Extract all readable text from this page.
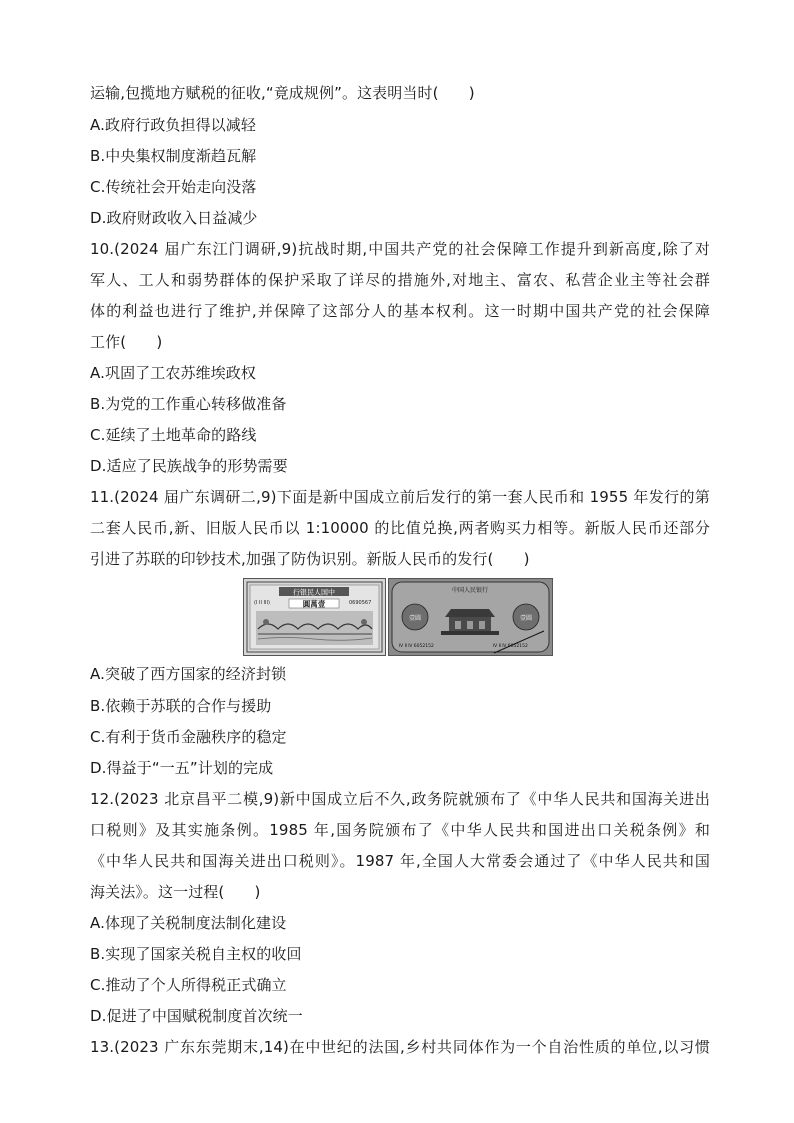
运输,包揽地方赋税的征收,“竟成规例”。这表明当时(　　)
A.政府行政负担得以减轻
B.中央集权制度渐趋瓦解
C.传统社会开始走向没落
D.政府财政收入日益减少
10.(2024 届广东江门调研,9)抗战时期,中国共产党的社会保障工作提升到新高度,除了对
军人、工人和弱势群体的保护采取了详尽的措施外,对地主、富农、私营企业主等社会群
体的利益也进行了维护,并保障了这部分人的基本权利。这一时期中国共产党的社会保障
工作(　　)
A.巩固了工农苏维埃政权
B.为党的工作重心转移做准备
C.延续了土地革命的路线
D.适应了民族战争的形势需要
11.(2024 届广东调研二,9)下面是新中国成立前后发行的第一套人民币和 1955 年发行的第
二套人民币,新、旧版人民币以 1:10000 的比值兑换,两者购买力相等。新版人民币还部分
引进了苏联的印钞技术,加强了防伪识别。新版人民币的发行(　　)
行银民人国中
(I II III)	0690567
圓萬壹
中国人民银行
壹圆	壹圆
Ⅳ Ⅱ Ⅳ 6052152	Ⅳ Ⅱ Ⅳ 6052152
A.突破了西方国家的经济封锁
B.依赖于苏联的合作与援助
C.有利于货币金融秩序的稳定
D.得益于“一五”计划的完成
12.(2023 北京昌平二模,9)新中国成立后不久,政务院就颁布了《中华人民共和国海关进出
口税则》及其实施条例。1985 年,国务院颁布了《中华人民共和国进出口关税条例》和
《中华人民共和国海关进出口税则》。1987 年,全国人大常委会通过了《中华人民共和国
海关法》。这一过程(　　)
A.体现了关税制度法制化建设
B.实现了国家关税自主权的收回
C.推动了个人所得税正式确立
D.促进了中国赋税制度首次统一
13.(2023 广东东莞期末,14)在中世纪的法国,乡村共同体作为一个自治性质的单位,以习惯
